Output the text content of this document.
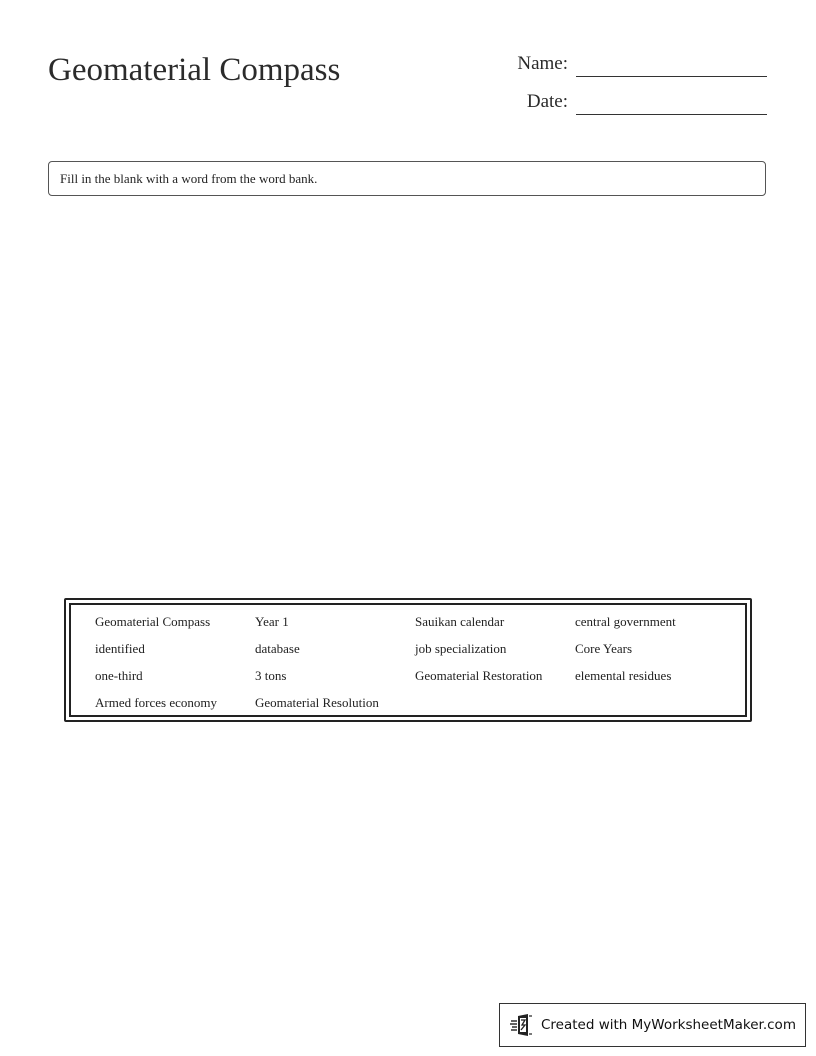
Geomaterial Compass	Name:
Date:
Fill in the blank with a word from the word bank.
Geomaterial Compass	Year 1	Sauikan calendar	central government
identified	database	job specialization	Core Years
one-third	3 tons	Geomaterial Restoration	elemental residues
Armed forces economy	Geomaterial Resolution
Created with MyWorksheetMaker.com
